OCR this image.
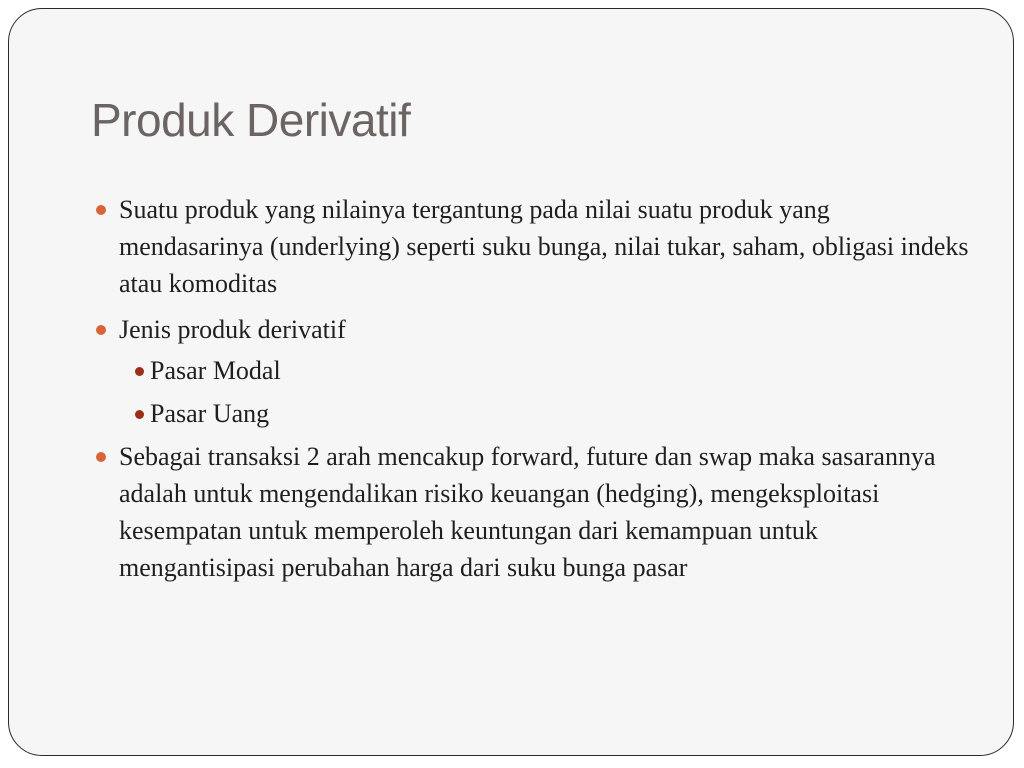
Produk Derivatif

Suatu produk yang nilainya tergantung pada nilai suatu produk yang mendasarinya (underlying) seperti suku bunga, nilai tukar, saham, obligasi indeks atau komoditas

Jenis produk derivatif

Pasar Modal

Pasar Uang

Sebagai transaksi 2 arah mencakup forward, future dan swap maka sasarannya adalah untuk mengendalikan risiko keuangan (hedging), mengeksploitasi kesempatan untuk memperoleh keuntungan dari kemampuan untuk mengantisipasi perubahan harga dari suku bunga pasar
